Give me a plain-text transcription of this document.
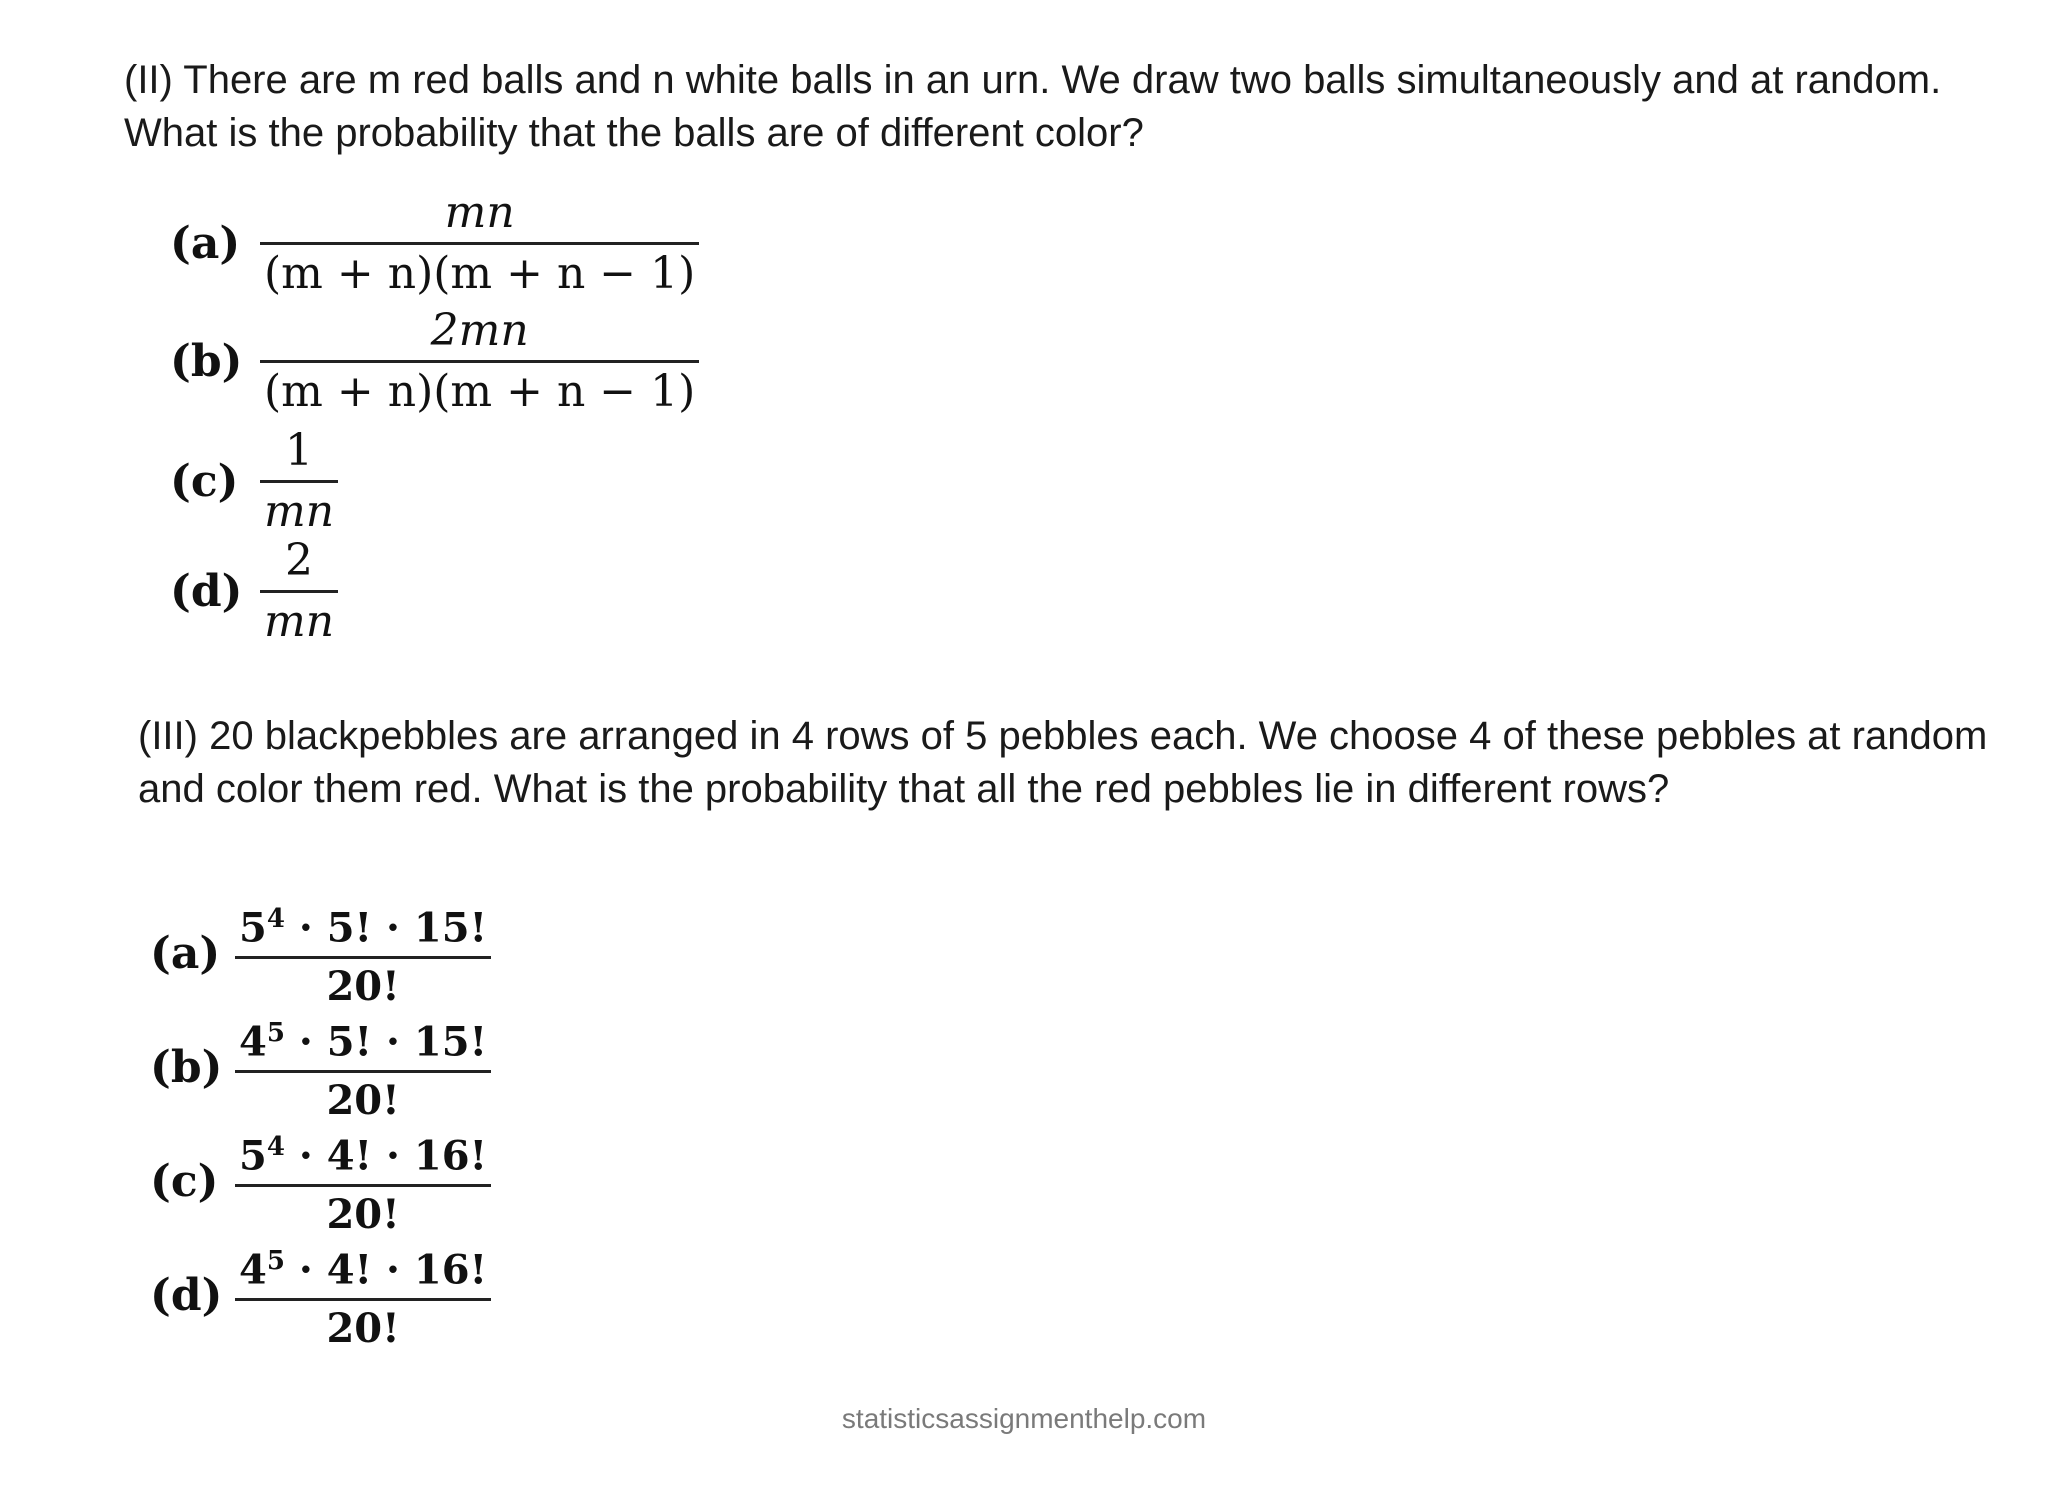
(II) There are m red balls and n white balls in an urn. We draw two balls simultaneously and at random. What is the probability that the balls are of different color?

$(a) \frac{mn}{(m + n)(m + n - 1)}$
$(b) \frac{2mn}{(m + n)(m + n - 1)}$
$(c) \frac{1}{mn}$
$(d) \frac{2}{mn}$

(III) 20 blackpebbles are arranged in 4 rows of 5 pebbles each. We choose 4 of these pebbles at random and color them red. What is the probability that all the red pebbles lie in different rows?

$(a) \frac{5^4 \cdot 5! \cdot 15!}{20!}$
$(b) \frac{4^5 \cdot 5! \cdot 15!}{20!}$
$(c) \frac{5^4 \cdot 4! \cdot 16!}{20!}$
$(d) \frac{4^5 \cdot 4! \cdot 16!}{20!}$
statisticsassignmenthelp.com
